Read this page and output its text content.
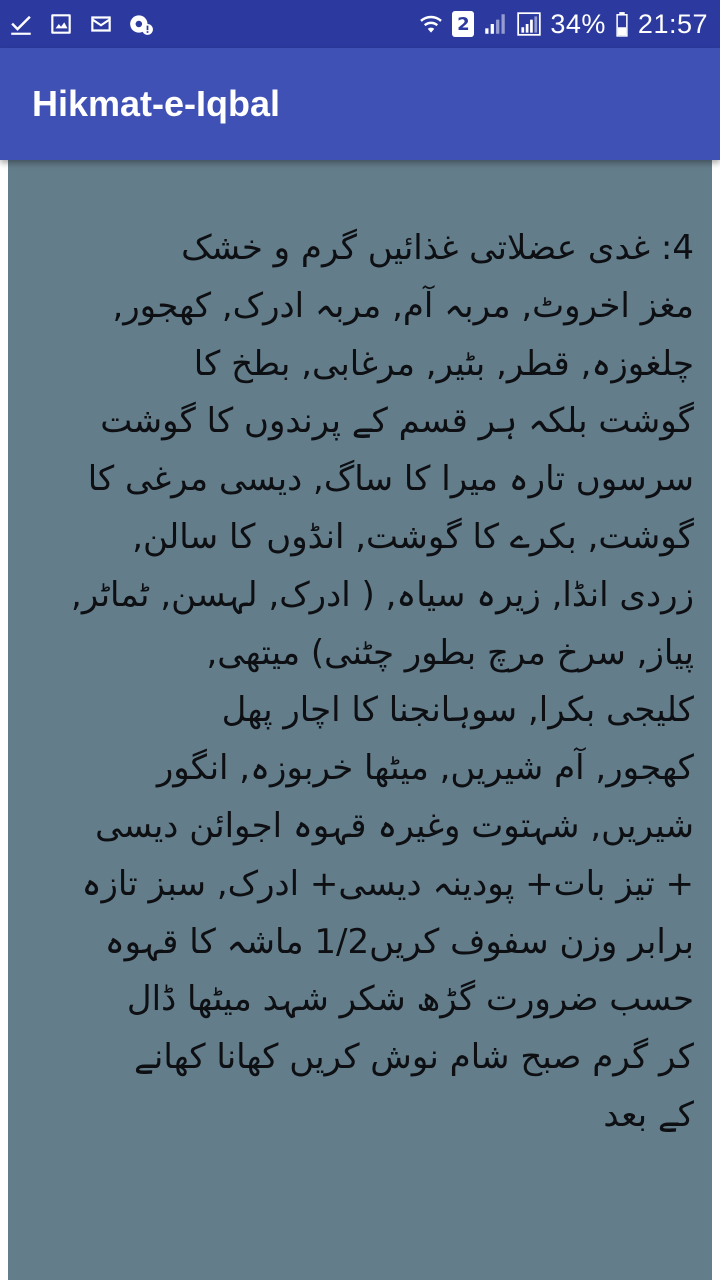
2	34% 21:57
Hikmat-e-Iqbal
4: غدی عضلاتی غذائیں گرم و خشک
مغز اخروٹ, مربہ آم, مربہ ادرک, کھجور,
چلغوزہ, قطر, بٹیر, مرغابی, بطخ کا
گوشت بلکہ ہر قسم کے پرندوں کا گوشت
سرسوں تارہ میرا کا ساگ, دیسی مرغی کا
گوشت, بکرے کا گوشت, انڈوں کا سالن,
زردی انڈا, زیرہ سیاہ, ( ادرک, لہسن, ٹماٹر,
پیاز, سرخ مرچ بطور چٹنی) میتھی,
کلیجی بکرا, سوہانجنا کا اچار پھل
کھجور, آم شیریں, میٹھا خربوزہ, انگور
شیریں, شہتوت وغیرہ قہوہ اجوائن دیسی
+ تیز بات+ پودینہ دیسی+ ادرک, سبز تازہ
برابر وزن سفوف کریں1/2 ماشہ کا قہوہ
حسب ضرورت گڑھ شکر شہد میٹھا ڈال
کر گرم صبح شام نوش کریں کھانا کھانے
کے بعد
